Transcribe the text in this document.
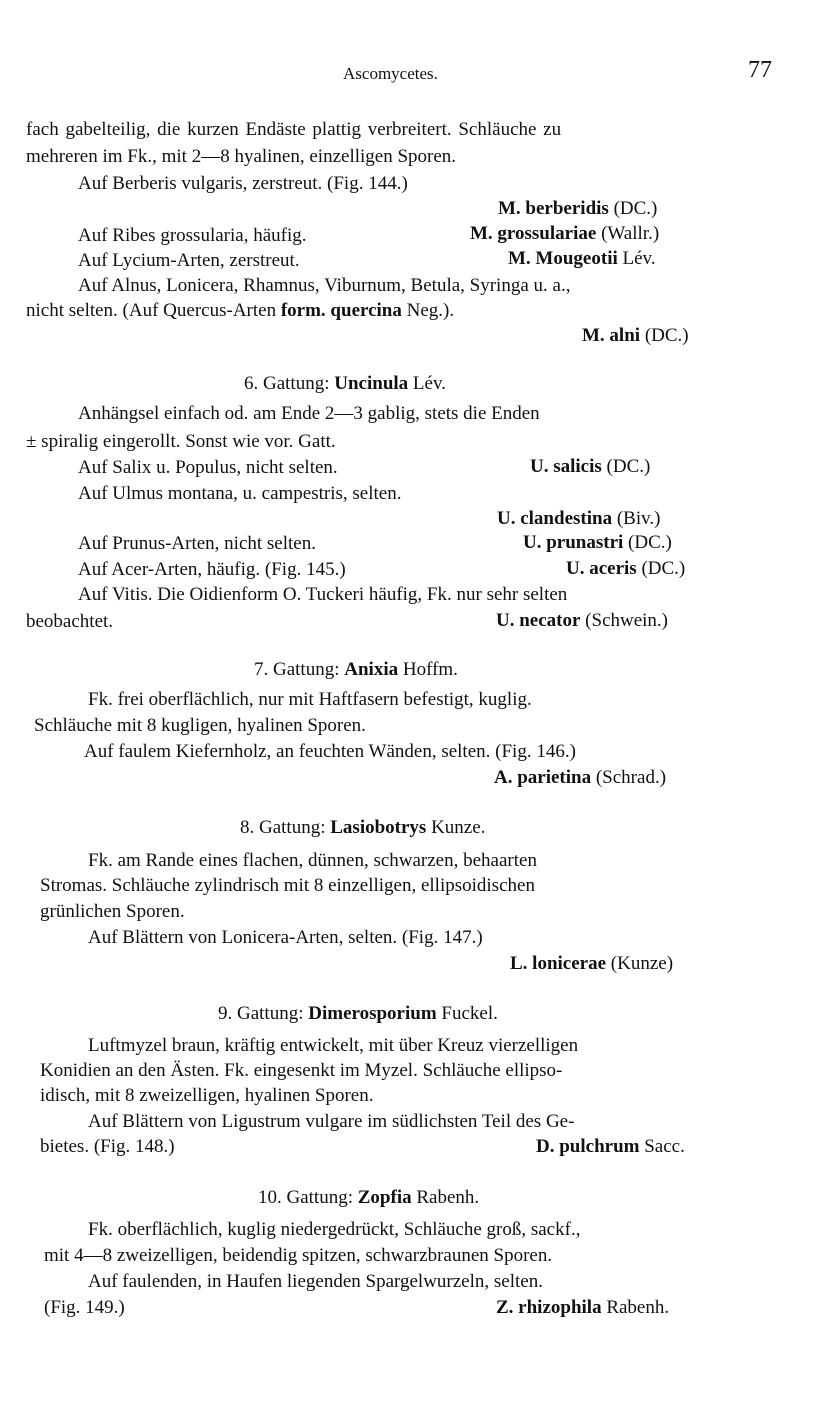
Ascomycetes.	77
fach gabelteilig, die kurzen Endäste plattig verbreitert. Schläuche zu
mehreren im Fk., mit 2—8 hyalinen, einzelligen Sporen.
Auf Berberis vulgaris, zerstreut. (Fig. 144.)
M. berberidis (DC.)
Auf Ribes grossularia, häufig.	M. grossulariae (Wallr.)
Auf Lycium-Arten, zerstreut.	M. Mougeotii Lév.
Auf Alnus, Lonicera, Rhamnus, Viburnum, Betula, Syringa u. a.,
nicht selten. (Auf Quercus-Arten form. quercina Neg.).
M. alni (DC.)
6. Gattung: Uncinula Lév.
Anhängsel einfach od. am Ende 2—3 gablig, stets die Enden
± spiralig eingerollt. Sonst wie vor. Gatt.
Auf Salix u. Populus, nicht selten.	U. salicis (DC.)
Auf Ulmus montana, u. campestris, selten.
U. clandestina (Biv.)
Auf Prunus-Arten, nicht selten.	U. prunastri (DC.)
Auf Acer-Arten, häufig. (Fig. 145.)	U. aceris (DC.)
Auf Vitis. Die Oidienform O. Tuckeri häufig, Fk. nur sehr selten
beobachtet.	U. necator (Schwein.)
7. Gattung: Anixia Hoffm.
Fk. frei oberflächlich, nur mit Haftfasern befestigt, kuglig.
Schläuche mit 8 kugligen, hyalinen Sporen.
Auf faulem Kiefernholz, an feuchten Wänden, selten. (Fig. 146.)
A. parietina (Schrad.)
8. Gattung: Lasiobotrys Kunze.
Fk. am Rande eines flachen, dünnen, schwarzen, behaarten
Stromas. Schläuche zylindrisch mit 8 einzelligen, ellipsoidischen
grünlichen Sporen.
Auf Blättern von Lonicera-Arten, selten. (Fig. 147.)
L. lonicerae (Kunze)
9. Gattung: Dimerosporium Fuckel.
Luftmyzel braun, kräftig entwickelt, mit über Kreuz vierzelligen
Konidien an den Ästen. Fk. eingesenkt im Myzel. Schläuche ellipso-
idisch, mit 8 zweizelligen, hyalinen Sporen.
Auf Blättern von Ligustrum vulgare im südlichsten Teil des Ge-
bietes. (Fig. 148.)	D. pulchrum Sacc.
10. Gattung: Zopfia Rabenh.
Fk. oberflächlich, kuglig niedergedrückt, Schläuche groß, sackf.,
mit 4—8 zweizelligen, beidendig spitzen, schwarzbraunen Sporen.
Auf faulenden, in Haufen liegenden Spargelwurzeln, selten.
(Fig. 149.)	Z. rhizophila Rabenh.
